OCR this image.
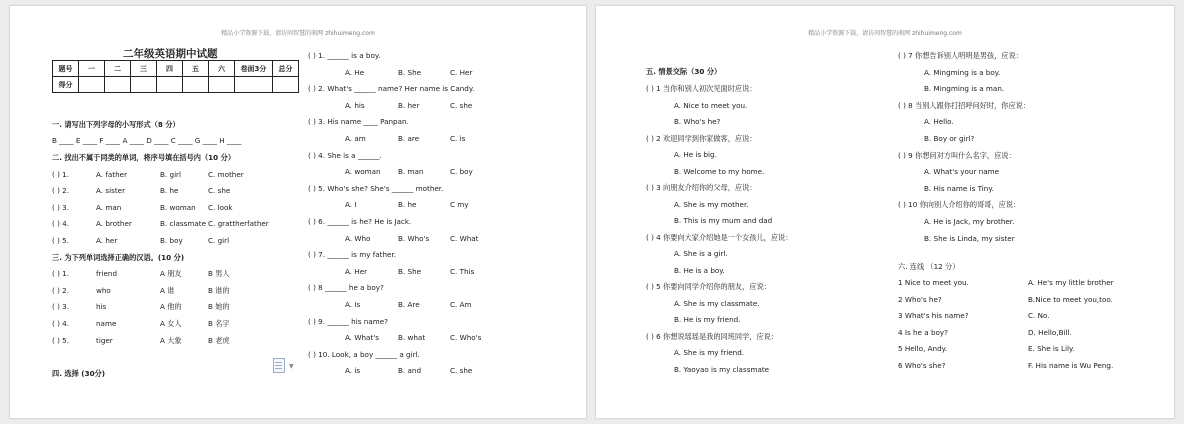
精品小学资源下载，请访问智慧的萌网 zhihuimeng.com
二年级英语期中试题
题号	一	二	三	四	五	六	卷面3分	总分
得分								
一. 请写出下列字母的小写形式（8 分）
B ____ E ____ F ____ A ____ D ____ C ____ G ____ H ____
二. 找出不属于同类的单词，将序号填在括号内（10 分）
( ) 1.	A. father	B. girl	C. mother
( ) 2.	A. sister	B. he	C. she
( ) 3.	A. man	B. woman C. look
( ) 4.	A. brother	B. classmate C. grattherfather
( ) 5.	A. her	B. boy	C. girl
三. 为下列单词选择正确的汉语。(10 分)
( ) 1.	friend	A 朋友	B 男人
( ) 2.	who	A 谁	B 谁的
( ) 3.	his	A 他的	B 她的
( ) 4.	name	A 女人	B 名字
( ) 5.	tiger	A 大象	B 老虎
四. 选择 (30分)
( ) 1. ______ is a boy.
A. He	B. She	C. Her
( ) 2. What's ______ name? Her name is Candy.
A. his	B. her	C. she
( ) 3. His name ____ Panpan.
A. am	B. are	C. is
( ) 4. She is a ______.
A. woman B. man	C. boy
( ) 5. Who's she? She's ______ mother.
A. I	B. he	C my
( ) 6. ______ is he? He is Jack.
A. Who	B. Who's	C. What
( ) 7. ______ is my father.
A. Her	B. She	C. This
( ) 8 ______ he a boy?
A. Is	B. Are	C. Am
( ) 9. ______ his name?
A. What's	B. what	C. Who's
( ) 10. Look, a boy ______ a girl.
A. is	B. and	C. she
▼
精品小学资源下载，请访问智慧的萌网 zhihuimeng.com
五. 情景交际（30 分）
( ) 1 当你和别人初次见面时应说：
A. Nice to meet you.
B. Who's he?
( ) 2 欢迎同学到你家做客，应说：
A. He is big.
B. Welcome to my home.
( ) 3 向朋友介绍你的父母，应说：
A. She is my mother.
B. This is my mum and dad
( ) 4 你要向大家介绍她是一个女孩儿，应说：
A. She is a girl.
B. He is a boy.
( ) 5 你要向同学介绍你的朋友，应说：
A. She is my classmate.
B. He is my friend.
( ) 6 你想说瑶瑶是我的同班同学，应说：
A. She is my friend.
B. Yaoyao is my classmate
( ) 7 你想告诉别人明明是男孩，应说：
A. Mingming is a boy.
B. Mingming is a man.
( ) 8 当别人跟你打招呼问好时，你应说：
A. Hello.
B. Boy or girl?
( ) 9 你想问对方叫什么名字，应说：
A. What's your name
B. His name is Tiny.
( ) 10 你向别人介绍你的哥哥，应说：
A. He is Jack, my brother.
B. She is Linda, my sister
六. 连线 （12 分）
1 Nice to meet you.	A. He's my little brother
2 Who's he?	B.Nice to meet you,too.
3 What's his name?	C. No.
4 Is he a boy?	D. Hello,Bill.
5 Hello, Andy.	E. She is Lily.
6 Who's she?	F. His name is Wu Peng.
